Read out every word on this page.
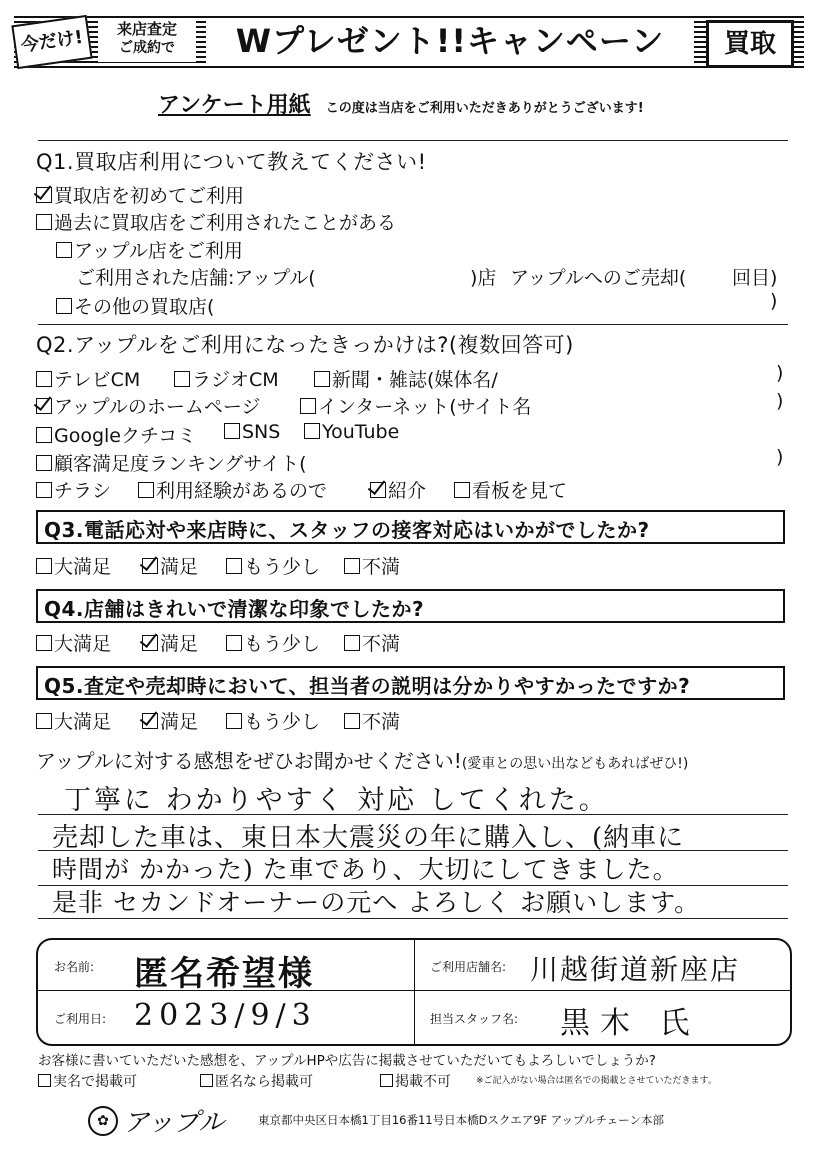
今だけ!	来店査定
ご成約で	Wプレゼント!!キャンペーン	買取
アンケート用紙 この度は当店をご利用いただきありがとうございます!
Q1.買取店利用について教えてください!
買取店を初めてご利用
過去に買取店をご利用されたことがある
アップル店をご利用
ご利用された店舗:アップル(	)店 アップルへのご売却( 回目)
その他の買取店(	)
Q2.アップルをご利用になったきっかけは?(複数回答可)
テレビCM	ラジオCM	新聞・雑誌(媒体名/	)
アップルのホームページ	インターネット(サイト名	)
Googleクチコミ	SNS	YouTube
顧客満足度ランキングサイト(	)
チラシ	利用経験があるので	紹介	看板を見て
Q3.電話応対や来店時に、スタッフの接客対応はいかがでしたか?
大満足	満足	もう少し	不満
Q4.店舗はきれいで清潔な印象でしたか?
大満足	満足	もう少し	不満
Q5.査定や売却時において、担当者の説明は分かりやすかったですか?
大満足	満足	もう少し	不満
アップルに対する感想をぜひお聞かせください!(愛車との思い出などもあればぜひ!)
丁寧に わかりやすく 対応 してくれた。
売却した車は、東日本大震災の年に購入し、(納車に
時間が かかった) た車であり、大切にしてきました。
是非 セカンドオーナーの元へ よろしく お願いします。
お名前: 匿名希望様	ご利用店舗名: 川越街道新座店
ご利用日: 2023/9/3	担当スタッフ名: 黒木 氏
お客様に書いていただいた感想を、アップルHPや広告に掲載させていただいてもよろしいでしょうか?
実名で掲載可	匿名なら掲載可	掲載不可	※ご記入がない場合は匿名での掲載とさせていただきます。
✿ アップル	東京都中央区日本橋1丁目16番11号日本橋Dスクエア9F アップルチェーン本部
